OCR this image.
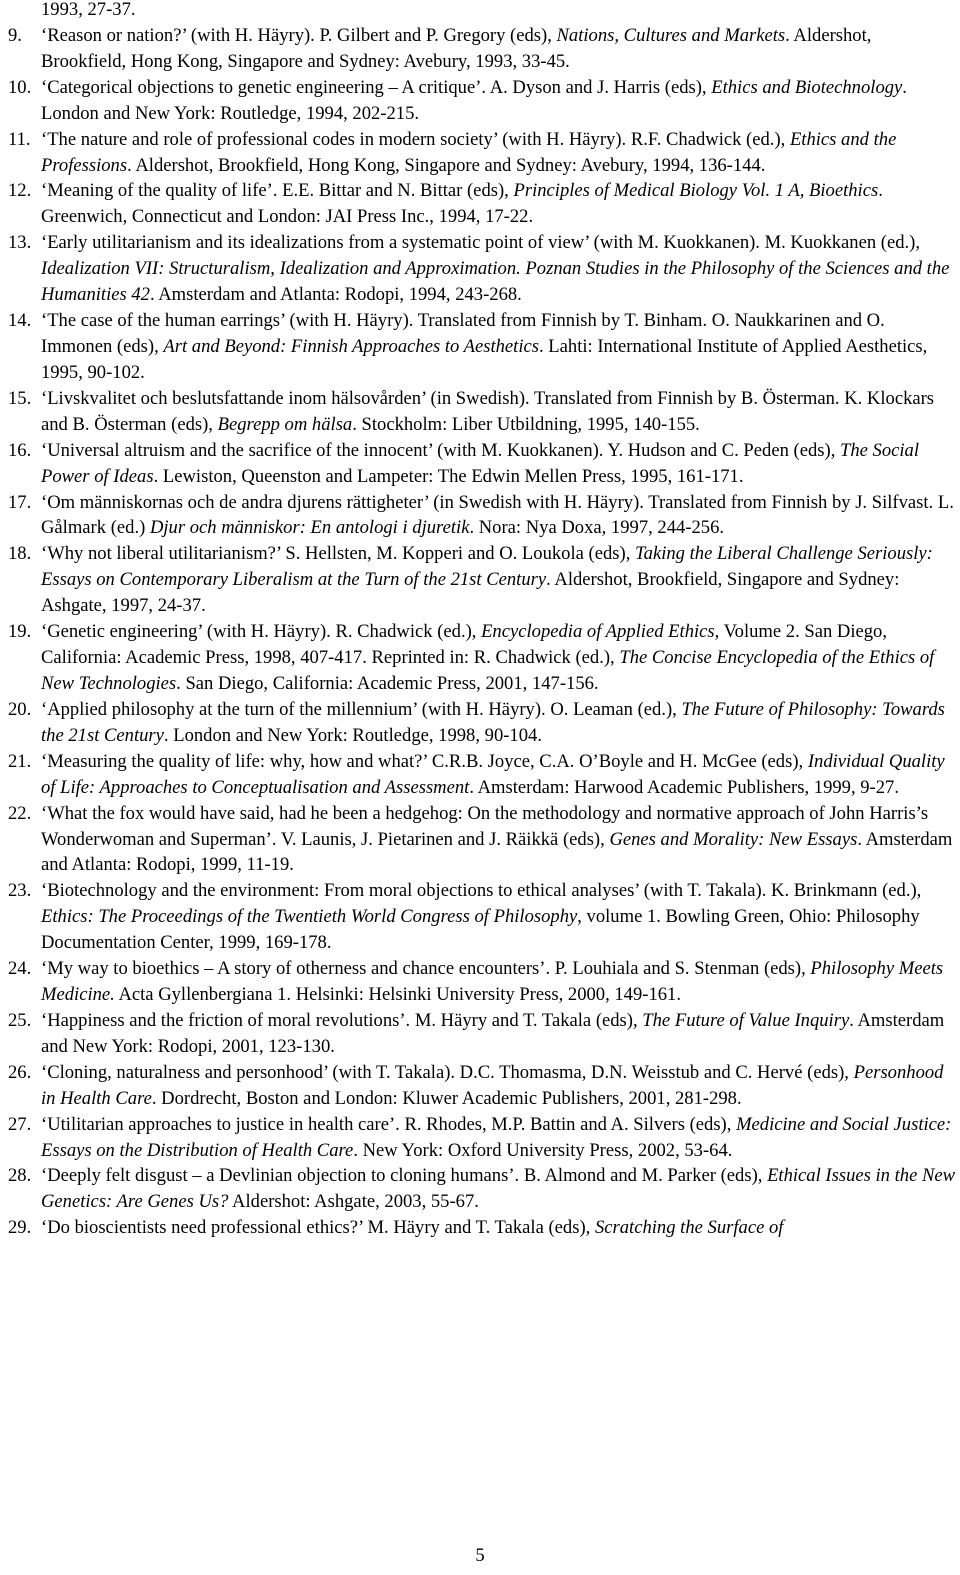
1993, 27-37.
9.	‘Reason or nation?’ (with H. Häyry). P. Gilbert and P. Gregory (eds), Nations, Cultures and Markets. Aldershot, Brookfield, Hong Kong, Singapore and Sydney: Avebury, 1993, 33-45.
10. ‘Categorical objections to genetic engineering – A critique’. A. Dyson and J. Harris (eds), Ethics and Biotechnology. London and New York: Routledge, 1994, 202-215.
11. ‘The nature and role of professional codes in modern society’ (with H. Häyry). R.F. Chadwick (ed.), Ethics and the Professions. Aldershot, Brookfield, Hong Kong, Singapore and Sydney: Avebury, 1994, 136-144.
12. ‘Meaning of the quality of life’. E.E. Bittar and N. Bittar (eds), Principles of Medical Biology Vol. 1 A, Bioethics. Greenwich, Connecticut and London: JAI Press Inc., 1994, 17-22.
13. ‘Early utilitarianism and its idealizations from a systematic point of view’ (with M. Kuokkanen). M. Kuokkanen (ed.), Idealization VII: Structuralism, Idealization and Approximation. Poznan Studies in the Philosophy of the Sciences and the Humanities 42. Amsterdam and Atlanta: Rodopi, 1994, 243-268.
14. ‘The case of the human earrings’ (with H. Häyry). Translated from Finnish by T. Binham. O. Naukkarinen and O. Immonen (eds), Art and Beyond: Finnish Approaches to Aesthetics. Lahti: International Institute of Applied Aesthetics, 1995, 90-102.
15. ‘Livskvalitet och beslutsfattande inom hälsovården’ (in Swedish). Translated from Finnish by B. Österman. K. Klockars and B. Österman (eds), Begrepp om hälsa. Stockholm: Liber Utbildning, 1995, 140-155.
16. ‘Universal altruism and the sacrifice of the innocent’ (with M. Kuokkanen). Y. Hudson and C. Peden (eds), The Social Power of Ideas. Lewiston, Queenston and Lampeter: The Edwin Mellen Press, 1995, 161-171.
17. ‘Om människornas och de andra djurens rättigheter’ (in Swedish with H. Häyry). Translated from Finnish by J. Silfvast. L. Gålmark (ed.) Djur och människor: En antologi i djuretik. Nora: Nya Doxa, 1997, 244-256.
18. ‘Why not liberal utilitarianism?’ S. Hellsten, M. Kopperi and O. Loukola (eds), Taking the Liberal Challenge Seriously: Essays on Contemporary Liberalism at the Turn of the 21st Century. Aldershot, Brookfield, Singapore and Sydney: Ashgate, 1997, 24-37.
19. ‘Genetic engineering’ (with H. Häyry). R. Chadwick (ed.), Encyclopedia of Applied Ethics, Volume 2. San Diego, California: Academic Press, 1998, 407-417. Reprinted in: R. Chadwick (ed.), The Concise Encyclopedia of the Ethics of New Technologies. San Diego, California: Academic Press, 2001, 147-156.
20. ‘Applied philosophy at the turn of the millennium’ (with H. Häyry). O. Leaman (ed.), The Future of Philosophy: Towards the 21st Century. London and New York: Routledge, 1998, 90-104.
21. ‘Measuring the quality of life: why, how and what?’ C.R.B. Joyce, C.A. O’Boyle and H. McGee (eds), Individual Quality of Life: Approaches to Conceptualisation and Assessment. Amsterdam: Harwood Academic Publishers, 1999, 9-27.
22. ‘What the fox would have said, had he been a hedgehog: On the methodology and normative approach of John Harris’s Wonderwoman and Superman’. V. Launis, J. Pietarinen and J. Räikkä (eds), Genes and Morality: New Essays. Amsterdam and Atlanta: Rodopi, 1999, 11-19.
23. ‘Biotechnology and the environment: From moral objections to ethical analyses’ (with T. Takala). K. Brinkmann (ed.), Ethics: The Proceedings of the Twentieth World Congress of Philosophy, volume 1. Bowling Green, Ohio: Philosophy Documentation Center, 1999, 169-178.
24. ‘My way to bioethics – A story of otherness and chance encounters’. P. Louhiala and S. Stenman (eds), Philosophy Meets Medicine. Acta Gyllenbergiana 1. Helsinki: Helsinki University Press, 2000, 149-161.
25. ‘Happiness and the friction of moral revolutions’. M. Häyry and T. Takala (eds), The Future of Value Inquiry. Amsterdam and New York: Rodopi, 2001, 123-130.
26. ‘Cloning, naturalness and personhood’ (with T. Takala). D.C. Thomasma, D.N. Weisstub and C. Hervé (eds), Personhood in Health Care. Dordrecht, Boston and London: Kluwer Academic Publishers, 2001, 281-298.
27. ‘Utilitarian approaches to justice in health care’. R. Rhodes, M.P. Battin and A. Silvers (eds), Medicine and Social Justice: Essays on the Distribution of Health Care. New York: Oxford University Press, 2002, 53-64.
28. ‘Deeply felt disgust – a Devlinian objection to cloning humans’. B. Almond and M. Parker (eds), Ethical Issues in the New Genetics: Are Genes Us? Aldershot: Ashgate, 2003, 55-67.
29. ‘Do bioscientists need professional ethics?’ M. Häyry and T. Takala (eds), Scratching the Surface of
5
